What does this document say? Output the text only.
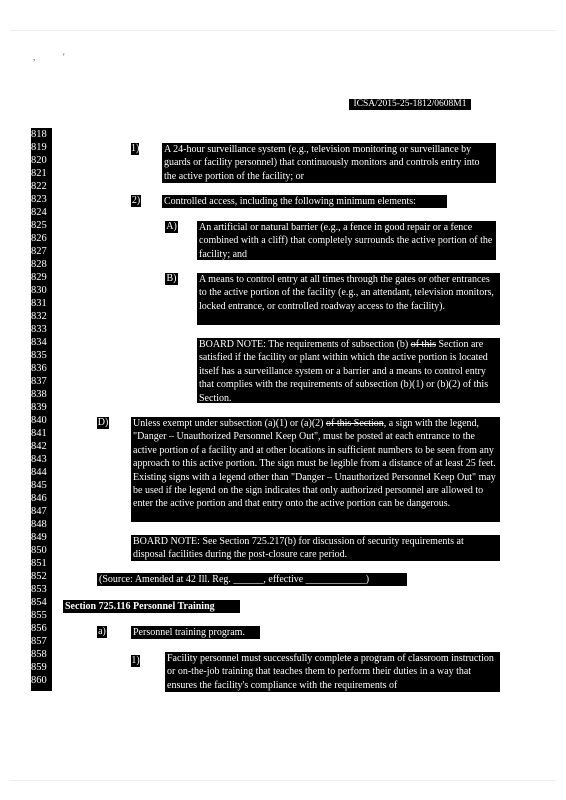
,	'
ICSA/2015-25-1812/0608M1
818
819
820
821
822
823
824
825
826
827
828
829
830
831
832
833
834
835
836
837
838
839
840
841
842
843
844
845
846
847
848
849
850
851
852
853
854
855
856
857
858
859
860
1)
2)
A)
B)
D)
a)
1)
A 24-hour surveillance system (e.g., television monitoring or surveillance by guards or facility personnel) that continuously monitors and controls entry into the active portion of the facility; or
Controlled access, including the following minimum elements:
An artificial or natural barrier (e.g., a fence in good repair or a fence combined with a cliff) that completely surrounds the active portion of the facility; and
A means to control entry at all times through the gates or other entrances to the active portion of the facility (e.g., an attendant, television monitors, locked entrance, or controlled roadway access to the facility).
BOARD NOTE: The requirements of subsection (b) of this Section are satisfied if the facility or plant within which the active portion is located itself has a surveillance system or a barrier and a means to control entry that complies with the requirements of subsection (b)(1) or (b)(2) of this Section.
Unless exempt under subsection (a)(1) or (a)(2) of this Section, a sign with the legend, "Danger – Unauthorized Personnel Keep Out", must be posted at each entrance to the active portion of a facility and at other locations in sufficient numbers to be seen from any approach to this active portion. The sign must be legible from a distance of at least 25 feet. Existing signs with a legend other than "Danger – Unauthorized Personnel Keep Out" may be used if the legend on the sign indicates that only authorized personnel are allowed to enter the active portion and that entry onto the active portion can be dangerous.
BOARD NOTE: See Section 725.217(b) for discussion of security requirements at disposal facilities during the post-closure care period.
(Source: Amended at 42 Ill. Reg. ______, effective ____________)
Section 725.116 Personnel Training
Personnel training program.
Facility personnel must successfully complete a program of classroom instruction or on-the-job training that teaches them to perform their duties in a way that ensures the facility's compliance with the requirements of
